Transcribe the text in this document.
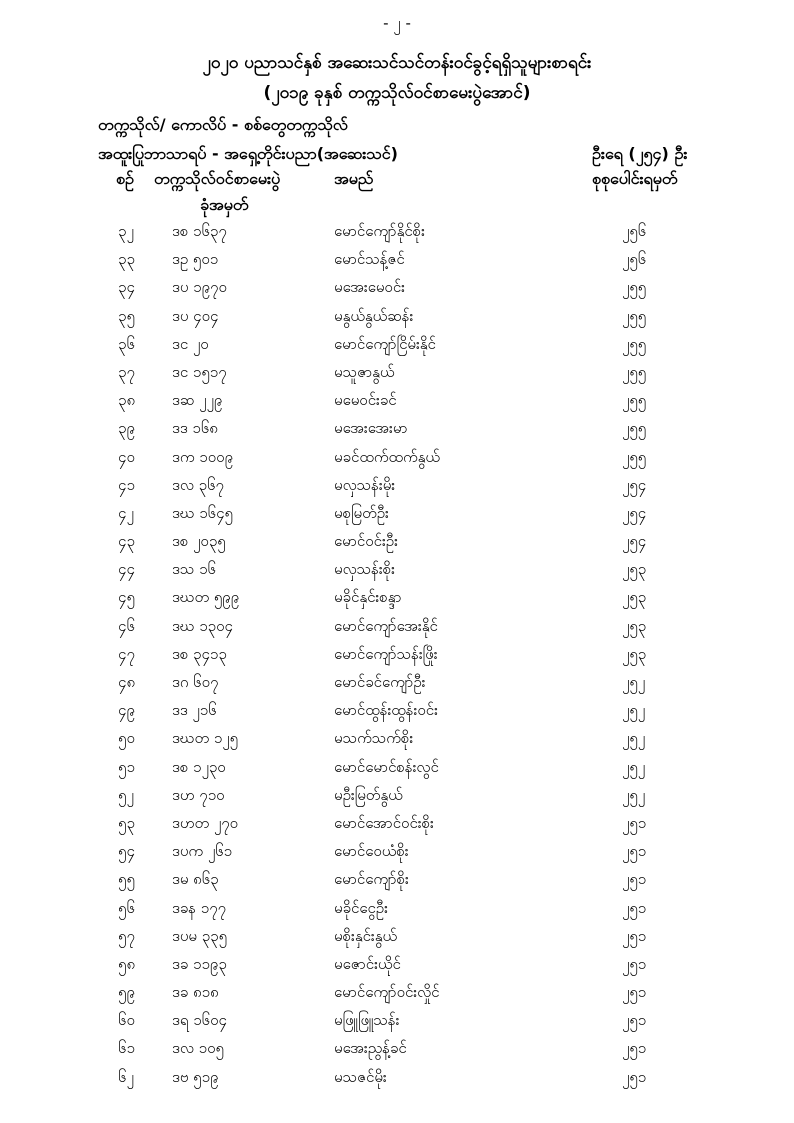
- ၂ -
၂၀၂၀ ပညာသင်နှစ် အဆေးသင်သင်တန်းဝင်ခွင့်ရရှိသူများစာရင်း
(၂၀၁၉ ခုနှစ် တက္ကသိုလ်ဝင်စာမေးပွဲအောင်)
တက္ကသိုလ်/ ကောလိပ် - စစ်တွေတက္ကသိုလ်
အထူးပြုဘာသာရပ် - အရှေ့တိုင်းပညာ(အဆေးသင်)	ဦးရေ (၂၅၄) ဦး
စဉ် တက္ကသိုလ်ဝင်စာမေးပွဲ
ခုံအမှတ်
အမည်	စုစုပေါင်းရမှတ်
၃၂	ဒစ ၁၆၃၇	မောင်ကျော်နိုင်စိုး	၂၅၆
၃၃ ဒဥ ၅၀၁	မောင်သန့်ဇင်	၂၅၆
၃၄ ဒပ ၁၉၇၀	မအေးမေဝင်း	၂၅၅
၃၅ ဒပ ၄၀၄	မနွယ်နွယ်ဆန်း	၂၅၅
၃၆ ဒင ၂၀	မောင်ကျော်ငြိမ်းနိုင်	၂၅၅
၃၇ ဒင ၁၅၁၇	မသူဇာနွယ်	၂၅၅
၃၈ ဒဆ ၂၂၉	မမေဝင်းခင်	၂၅၅
၃၉ ဒဒ ၁၆၈	မအေးအေးမာ	၂၅၅
၄၀ ဒက ၁၀၀၉	မခင်ထက်ထက်နွယ်	၂၅၅
၄၁ ဒလ ၃၆၇	မလှသန်းမိုး	၂၅၄
၄၂	ဒဃ ၁၆၄၅	မစုမြတ်ဦး	၂၅၄
၄၃ ဒစ ၂၀၃၅	မောင်ဝင်းဦး	၂၅၄
၄၄ ဒသ ၁၆	မလှသန်းစိုး	၂၅၃
၄၅ ဒဃတ ၅၉၉	မခိုင်နှင်းစန္ဒာ	၂၅၃
၄၆ ဒဃ ၁၃၀၄	မောင်ကျော်အေးနိုင်	၂၅၃
၄၇ ဒစ ၃၄၁၃	မောင်ကျော်သန်းဖြိုး	၂၅၃
၄၈ ဒဂ ၆၀၇	မောင်ခင်ကျော်ဦး	၂၅၂
၄၉ ဒဒ ၂၁၆	မောင်ထွန်းထွန်းဝင်း	၂၅၂
၅၀ ဒဃတ ၁၂၅	မသက်သက်စိုး	၂၅၂
၅၁ ဒစ ၁၂၃၀	မောင်မောင်စန်းလွင်	၂၅၂
၅၂	ဒဟ ၇၁၀	မဦးမြတ်နွယ်	၂၅၂
၅၃ ဒဟတ ၂၇၀	မောင်အောင်ဝင်းစိုး	၂၅၁
၅၄ ဒပက ၂၆၁	မောင်ဝေယံစိုး	၂၅၁
၅၅ ဒမ ၈၆၃	မောင်ကျော်စိုး	၂၅၁
၅၆ ဒခန ၁၇၇	မခိုင်ငွေဦး	၂၅၁
၅၇ ဒပမ ၃၃၅	မစိုးနှင်းနွယ်	၂၅၁
၅၈ ဒခ ၁၁၉၃	မဇောင်းယိုင်	၂၅၁
၅၉ ဒခ ၈၁၈	မောင်ကျော်ဝင်းလှိုင်	၂၅၁
၆၀ ဒရ ၁၆၀၄	မဖြူဖြူသန်း	၂၅၁
၆၁ ဒလ ၁၀၅	မအေးညွန့်ခင်	၂၅၁
၆၂	ဒဗ ၅၁၉	မသဇင်မိုး	၂၅၁
